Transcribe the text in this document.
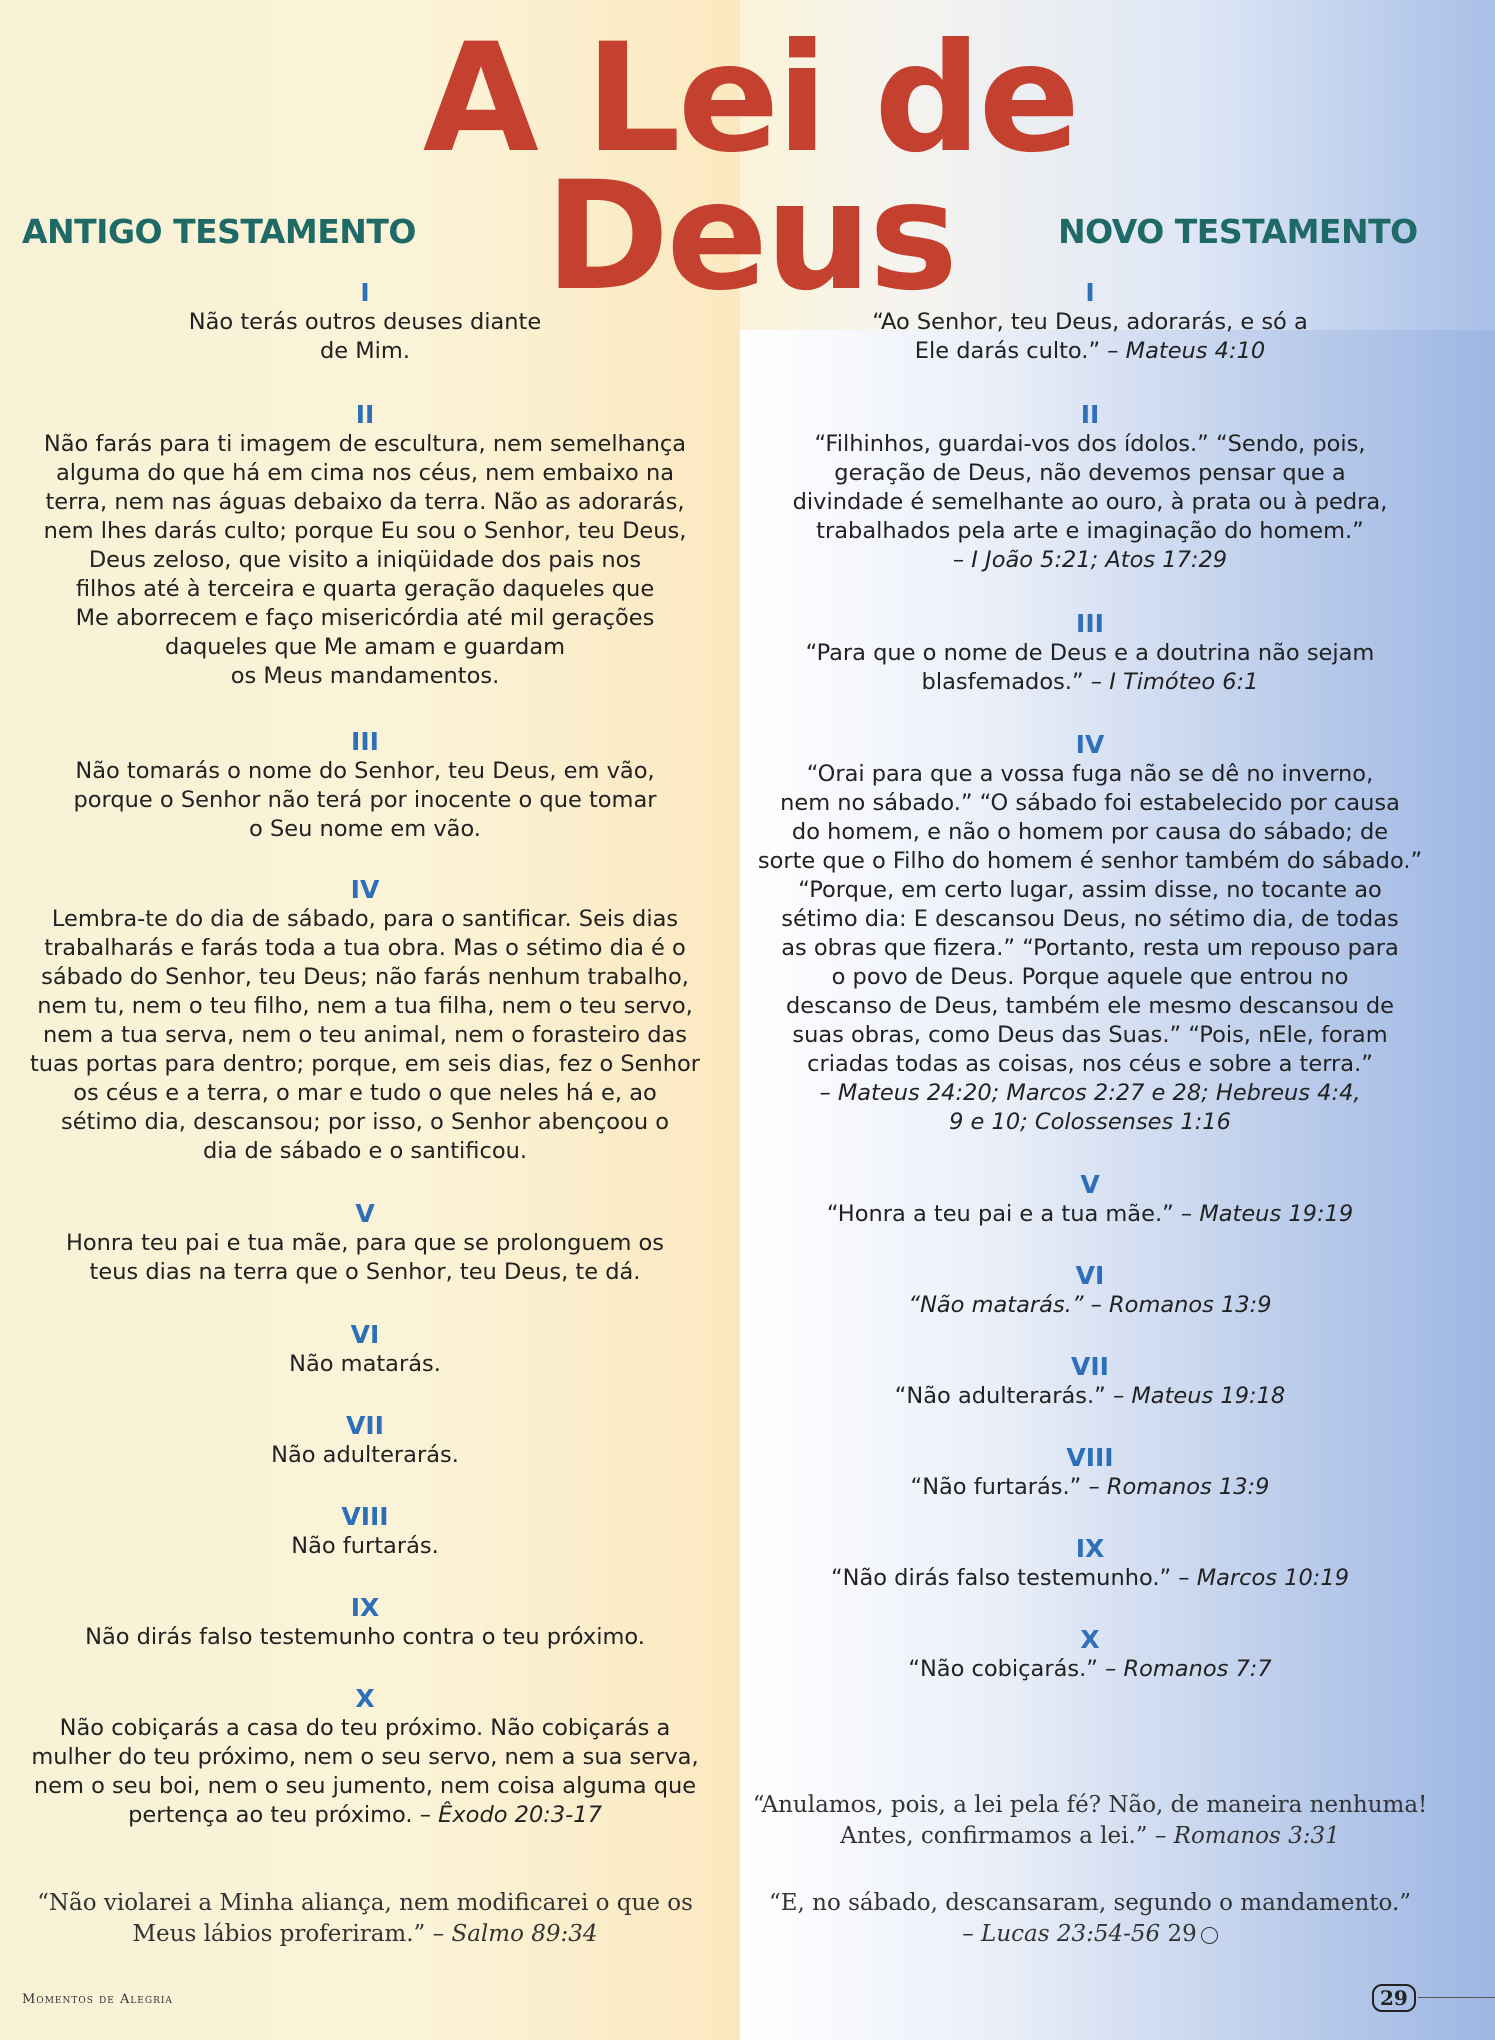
A Lei de
Deus
ANTIGO TESTAMENTO	NOVO TESTAMENTO
I
Não terás outros deuses diante
de Mim.
II
Não farás para ti imagem de escultura, nem semelhança
alguma do que há em cima nos céus, nem embaixo na
terra, nem nas águas debaixo da terra. Não as adorarás,
nem lhes darás culto; porque Eu sou o Senhor, teu Deus,
Deus zeloso, que visito a iniqüidade dos pais nos
filhos até à terceira e quarta geração daqueles que
Me aborrecem e faço misericórdia até mil gerações
daqueles que Me amam e guardam
os Meus mandamentos.
III
Não tomarás o nome do Senhor, teu Deus, em vão,
porque o Senhor não terá por inocente o que tomar
o Seu nome em vão.
IV
Lembra-te do dia de sábado, para o santificar. Seis dias
trabalharás e farás toda a tua obra. Mas o sétimo dia é o
sábado do Senhor, teu Deus; não farás nenhum trabalho,
nem tu, nem o teu filho, nem a tua filha, nem o teu servo,
nem a tua serva, nem o teu animal, nem o forasteiro das
tuas portas para dentro; porque, em seis dias, fez o Senhor
os céus e a terra, o mar e tudo o que neles há e, ao
sétimo dia, descansou; por isso, o Senhor abençoou o
dia de sábado e o santificou.
V
Honra teu pai e tua mãe, para que se prolonguem os
teus dias na terra que o Senhor, teu Deus, te dá.
VI
Não matarás.
VII
Não adulterarás.
VIII
Não furtarás.
IX
Não dirás falso testemunho contra o teu próximo.
X
Não cobiçarás a casa do teu próximo. Não cobiçarás a
mulher do teu próximo, nem o seu servo, nem a sua serva,
nem o seu boi, nem o seu jumento, nem coisa alguma que
pertença ao teu próximo. – Êxodo 20:3-17
I
“Ao Senhor, teu Deus, adorarás, e só a
Ele darás culto.” – Mateus 4:10
II
“Filhinhos, guardai-vos dos ídolos.” “Sendo, pois,
geração de Deus, não devemos pensar que a
divindade é semelhante ao ouro, à prata ou à pedra,
trabalhados pela arte e imaginação do homem.”
– I João 5:21; Atos 17:29
III
“Para que o nome de Deus e a doutrina não sejam
blasfemados.” – I Timóteo 6:1
IV
“Orai para que a vossa fuga não se dê no inverno,
nem no sábado.” “O sábado foi estabelecido por causa
do homem, e não o homem por causa do sábado; de
sorte que o Filho do homem é senhor também do sábado.”
“Porque, em certo lugar, assim disse, no tocante ao
sétimo dia: E descansou Deus, no sétimo dia, de todas
as obras que fizera.” “Portanto, resta um repouso para
o povo de Deus. Porque aquele que entrou no
descanso de Deus, também ele mesmo descansou de
suas obras, como Deus das Suas.” “Pois, nEle, foram
criadas todas as coisas, nos céus e sobre a terra.”
– Mateus 24:20; Marcos 2:27 e 28; Hebreus 4:4,
9 e 10; Colossenses 1:16
V
“Honra a teu pai e a tua mãe.” – Mateus 19:19
VI
“Não matarás.” – Romanos 13:9
VII
“Não adulterarás.” – Mateus 19:18
VIII
“Não furtarás.” – Romanos 13:9
IX
“Não dirás falso testemunho.” – Marcos 10:19
X
“Não cobiçarás.” – Romanos 7:7
“Não violarei a Minha aliança, nem modificarei o que os
Meus lábios proferiram.” – Salmo 89:34
“Anulamos, pois, a lei pela fé? Não, de maneira nenhuma!
Antes, confirmamos a lei.” – Romanos 3:31
“E, no sábado, descansaram, segundo o mandamento.”
– Lucas 23:54-56 29
Momentos de Alegria	29
